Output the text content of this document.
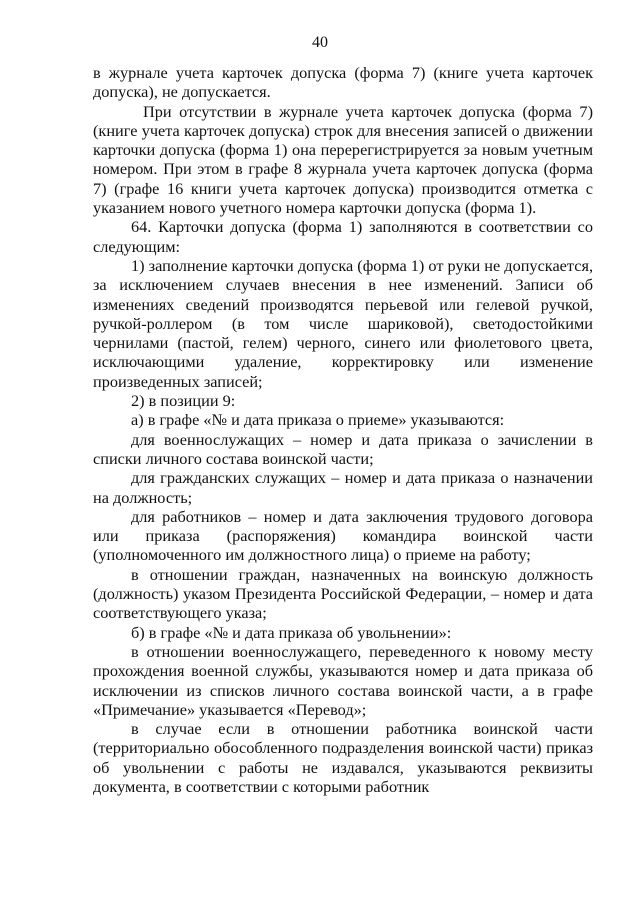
40

в журнале учета карточек допуска (форма 7) (книге учета карточек допуска), не допускается.

При отсутствии в журнале учета карточек допуска (форма 7) (книге учета карточек допуска) строк для внесения записей о движении карточки допуска (форма 1) она перерегистрируется за новым учетным номером. При этом в графе 8 журнала учета карточек допуска (форма 7) (графе 16 книги учета карточек допуска) производится отметка с указанием нового учетного номера карточки допуска (форма 1).

64. Карточки допуска (форма 1) заполняются в соответствии со следующим:

1) заполнение карточки допуска (форма 1) от руки не допускается, за исключением случаев внесения в нее изменений. Записи об изменениях сведений производятся перьевой или гелевой ручкой, ручкой-роллером (в том числе шариковой), светодостойкими чернилами (пастой, гелем) черного, синего или фиолетового цвета, исключающими удаление, корректировку или изменение произведенных записей;

2) в позиции 9:

а) в графе «№ и дата приказа о приеме» указываются:

для военнослужащих – номер и дата приказа о зачислении в списки личного состава воинской части;

для гражданских служащих – номер и дата приказа о назначении на должность;

для работников – номер и дата заключения трудового договора или приказа (распоряжения) командира воинской части (уполномоченного им должностного лица) о приеме на работу;

в отношении граждан, назначенных на воинскую должность (должность) указом Президента Российской Федерации, – номер и дата соответствующего указа;

б) в графе «№ и дата приказа об увольнении»:

в отношении военнослужащего, переведенного к новому месту прохождения военной службы, указываются номер и дата приказа об исключении из списков личного состава воинской части, а в графе «Примечание» указывается «Перевод»;

в случае если в отношении работника воинской части (территориально обособленного подразделения воинской части) приказ об увольнении с работы не издавался, указываются реквизиты документа, в соответствии с которыми работник
